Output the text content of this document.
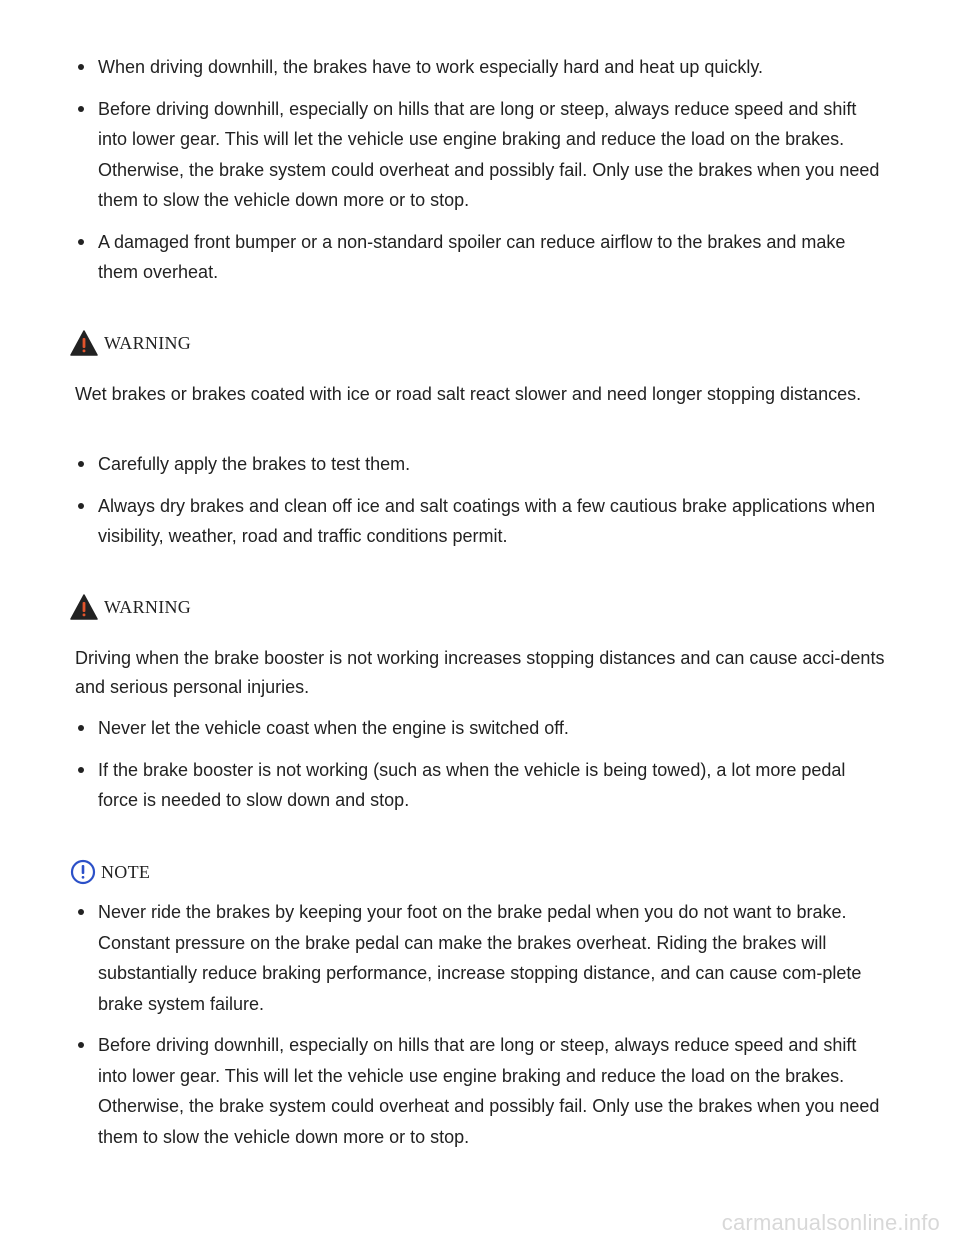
When driving downhill, the brakes have to work especially hard and heat up quickly.
Before driving downhill, especially on hills that are long or steep, always reduce speed and shift into lower gear. This will let the vehicle use engine braking and reduce the load on the brakes. Otherwise, the brake system could overheat and possibly fail. Only use the brakes when you need them to slow the vehicle down more or to stop.
A damaged front bumper or a non-standard spoiler can reduce airflow to the brakes and make them overheat.
WARNING
Wet brakes or brakes coated with ice or road salt react slower and need longer stopping distances.
Carefully apply the brakes to test them.
Always dry brakes and clean off ice and salt coatings with a few cautious brake applications when visibility, weather, road and traffic conditions permit.
WARNING
Driving when the brake booster is not working increases stopping distances and can cause acci-dents and serious personal injuries.
Never let the vehicle coast when the engine is switched off.
If the brake booster is not working (such as when the vehicle is being towed), a lot more pedal force is needed to slow down and stop.
NOTE
Never ride the brakes by keeping your foot on the brake pedal when you do not want to brake. Constant pressure on the brake pedal can make the brakes overheat. Riding the brakes will substantially reduce braking performance, increase stopping distance, and can cause com-plete brake system failure.
Before driving downhill, especially on hills that are long or steep, always reduce speed and shift into lower gear. This will let the vehicle use engine braking and reduce the load on the brakes. Otherwise, the brake system could overheat and possibly fail. Only use the brakes when you need them to slow the vehicle down more or to stop.
carmanualsonline.info
